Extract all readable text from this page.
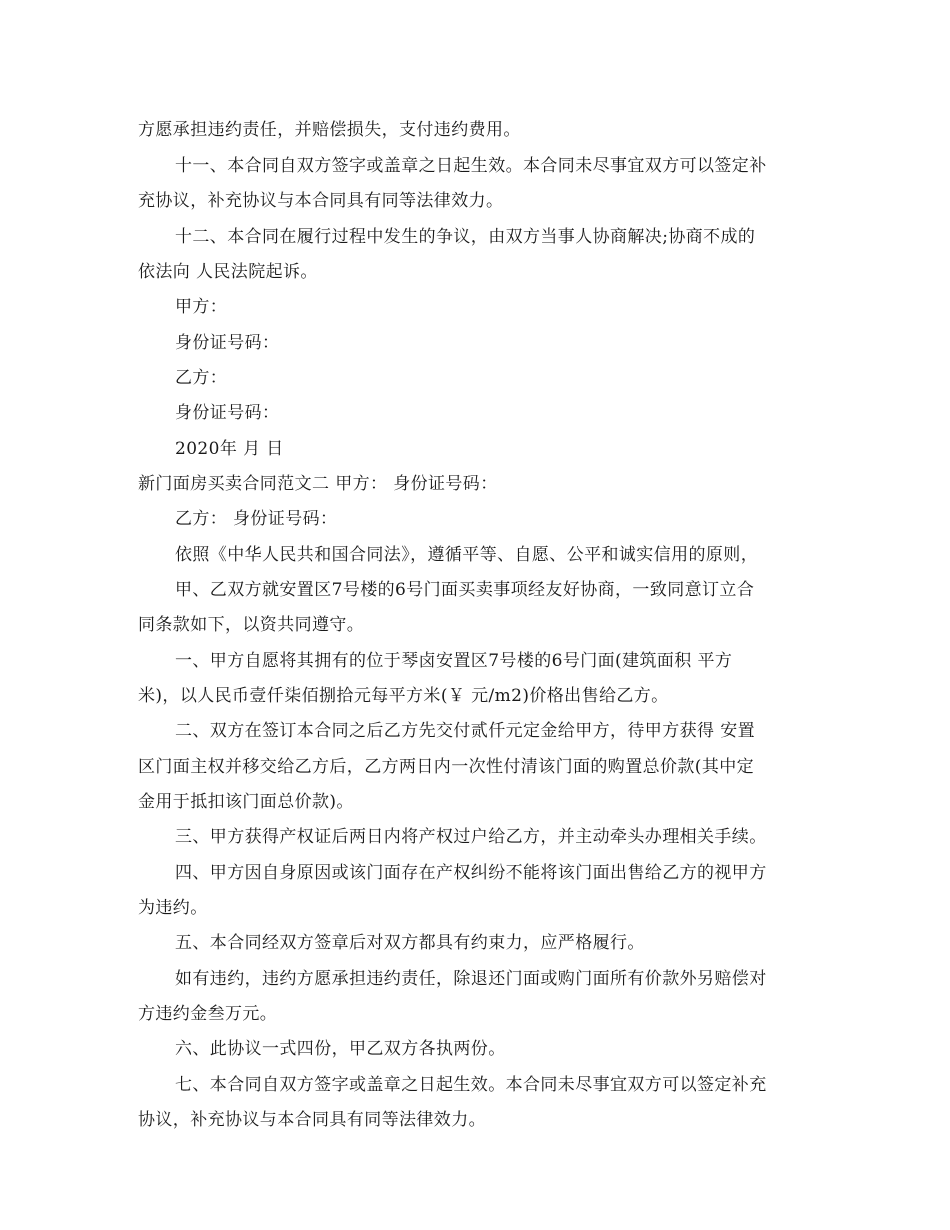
方愿承担违约责任，并赔偿损失，支付违约费用。
十一、本合同自双方签字或盖章之日起生效。本合同未尽事宜双方可以签定补
充协议，补充协议与本合同具有同等法律效力。
十二、本合同在履行过程中发生的争议，由双方当事人协商解决;协商不成的
依法向 人民法院起诉。
甲方：
身份证号码：
乙方：
身份证号码：
2020年 月 日
新门面房买卖合同范文二 甲方： 身份证号码：
乙方： 身份证号码：
依照《中华人民共和国合同法》，遵循平等、自愿、公平和诚实信用的原则，
甲、乙双方就安置区7号楼的6号门面买卖事项经友好协商，一致同意订立合
同条款如下，以资共同遵守。
一、甲方自愿将其拥有的位于琴卤安置区7号楼的6号门面(建筑面积 平方
米)，以人民币壹仟柒佰捌拾元每平方米(￥ 元/m2)价格出售给乙方。
二、双方在签订本合同之后乙方先交付贰仟元定金给甲方，待甲方获得 安置
区门面主权并移交给乙方后，乙方两日内一次性付清该门面的购置总价款(其中定
金用于抵扣该门面总价款)。
三、甲方获得产权证后两日内将产权过户给乙方，并主动牵头办理相关手续。
四、甲方因自身原因或该门面存在产权纠纷不能将该门面出售给乙方的视甲方
为违约。
五、本合同经双方签章后对双方都具有约束力，应严格履行。
如有违约，违约方愿承担违约责任，除退还门面或购门面所有价款外另赔偿对
方违约金叁万元。
六、此协议一式四份，甲乙双方各执两份。
七、本合同自双方签字或盖章之日起生效。本合同未尽事宜双方可以签定补充
协议，补充协议与本合同具有同等法律效力。
